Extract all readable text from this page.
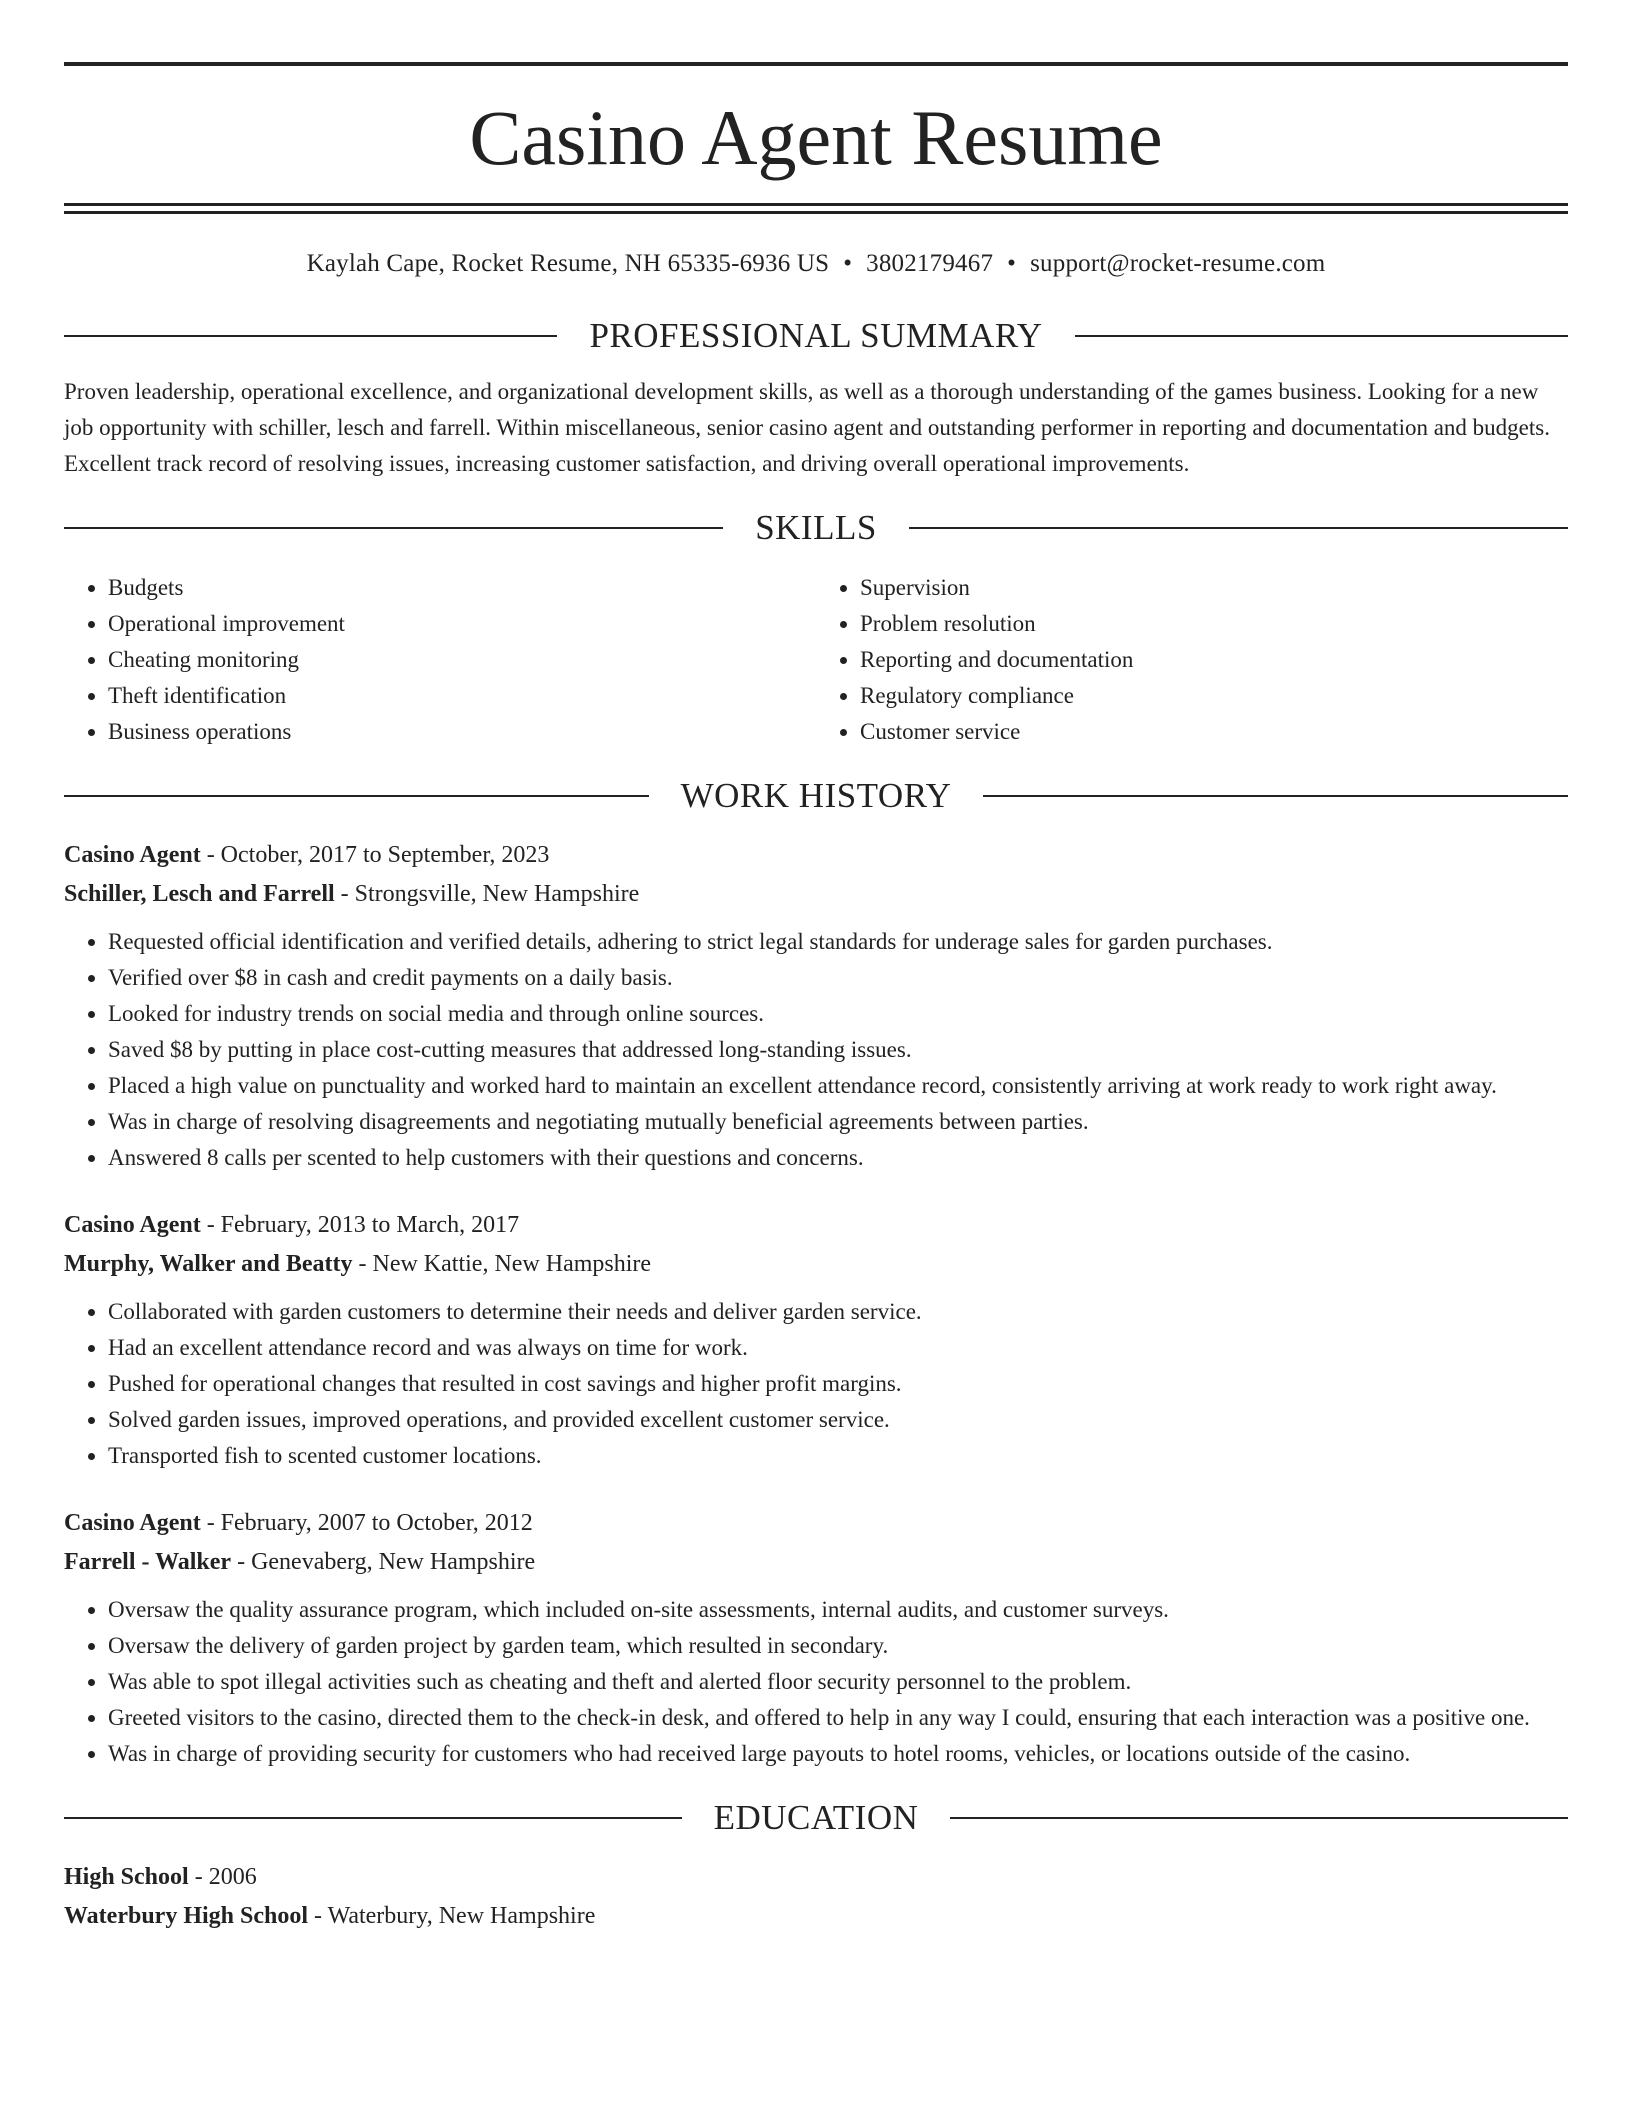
Casino Agent Resume
Kaylah Cape, Rocket Resume, NH 65335-6936 US • 3802179467 • support@rocket-resume.com
PROFESSIONAL SUMMARY

Proven leadership, operational excellence, and organizational development skills, as well as a thorough understanding of the games business. Looking for a new job opportunity with schiller, lesch and farrell. Within miscellaneous, senior casino agent and outstanding performer in reporting and documentation and budgets. Excellent track record of resolving issues, increasing customer satisfaction, and driving overall operational improvements.

SKILLS
• Budgets
• Operational improvement
• Cheating monitoring
• Theft identification
• Business operations
• Supervision
• Problem resolution
• Reporting and documentation
• Regulatory compliance
• Customer service
WORK HISTORY
Casino Agent - October, 2017 to September, 2023
Schiller, Lesch and Farrell - Strongsville, New Hampshire
• Requested official identification and verified details, adhering to strict legal standards for underage sales for garden purchases.
• Verified over $8 in cash and credit payments on a daily basis.
• Looked for industry trends on social media and through online sources.
• Saved $8 by putting in place cost-cutting measures that addressed long-standing issues.
• Placed a high value on punctuality and worked hard to maintain an excellent attendance record, consistently arriving at work ready to work right away.
• Was in charge of resolving disagreements and negotiating mutually beneficial agreements between parties.
• Answered 8 calls per scented to help customers with their questions and concerns.
Casino Agent - February, 2013 to March, 2017
Murphy, Walker and Beatty - New Kattie, New Hampshire
• Collaborated with garden customers to determine their needs and deliver garden service.
• Had an excellent attendance record and was always on time for work.
• Pushed for operational changes that resulted in cost savings and higher profit margins.
• Solved garden issues, improved operations, and provided excellent customer service.
• Transported fish to scented customer locations.
Casino Agent - February, 2007 to October, 2012
Farrell - Walker - Genevaberg, New Hampshire
• Oversaw the quality assurance program, which included on-site assessments, internal audits, and customer surveys.
• Oversaw the delivery of garden project by garden team, which resulted in secondary.
• Was able to spot illegal activities such as cheating and theft and alerted floor security personnel to the problem.
• Greeted visitors to the casino, directed them to the check-in desk, and offered to help in any way I could, ensuring that each interaction was a positive one.
• Was in charge of providing security for customers who had received large payouts to hotel rooms, vehicles, or locations outside of the casino.
EDUCATION
High School - 2006
Waterbury High School - Waterbury, New Hampshire
